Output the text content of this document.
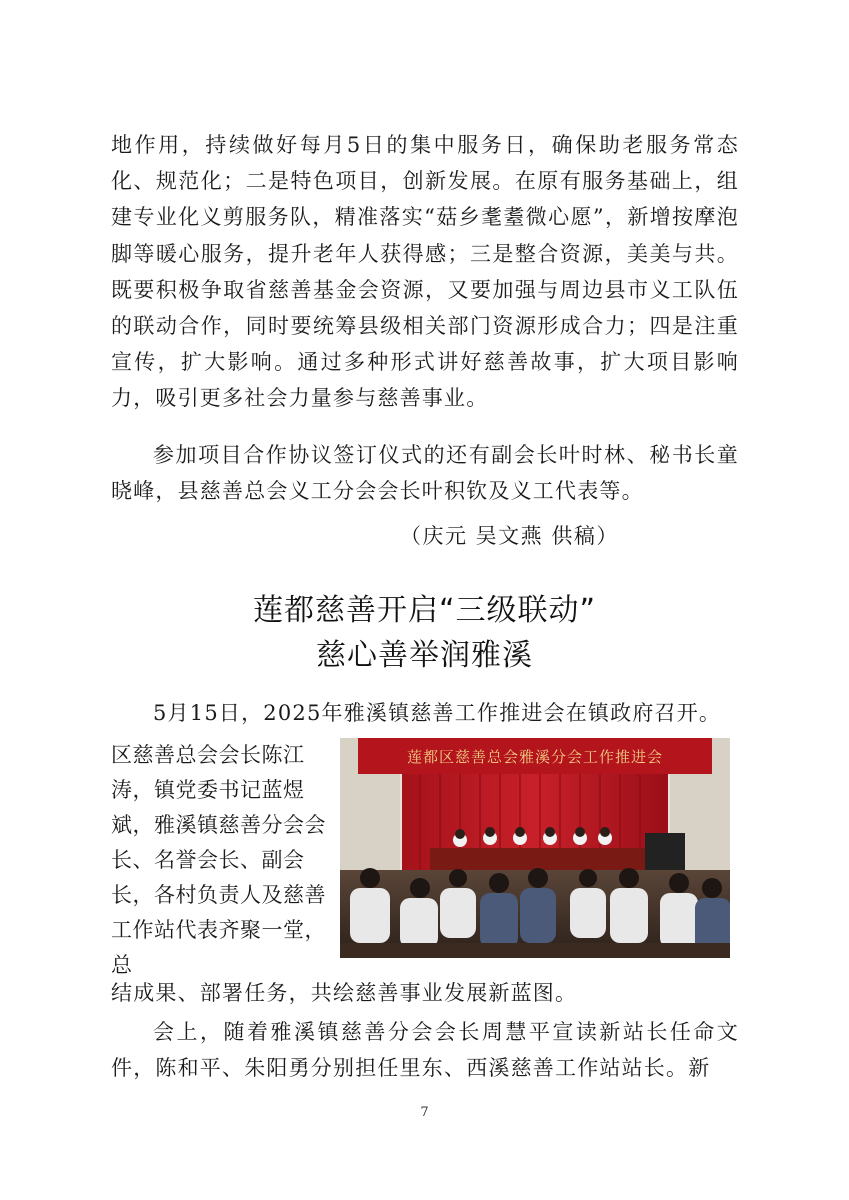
地作用，持续做好每月5日的集中服务日，确保助老服务常态化、规范化；二是特色项目，创新发展。在原有服务基础上，组建专业化义剪服务队，精准落实“菇乡耄耋微心愿”，新增按摩泡脚等暖心服务，提升老年人获得感；三是整合资源，美美与共。既要积极争取省慈善基金会资源，又要加强与周边县市义工队伍的联动合作，同时要统筹县级相关部门资源形成合力；四是注重宣传，扩大影响。通过多种形式讲好慈善故事，扩大项目影响力，吸引更多社会力量参与慈善事业。

参加项目合作协议签订仪式的还有副会长叶时林、秘书长童晓峰，县慈善总会义工分会会长叶积钦及义工代表等。

（庆元 吴文燕 供稿）
莲都慈善开启“三级联动”
慈心善举润雅溪

5月15日，2025年雅溪镇慈善工作推进会在镇政府召开。

区慈善总会会长陈江涛，镇党委书记蓝煜斌，雅溪镇慈善分会会长、名誉会长、副会长，各村负责人及慈善工作站代表齐聚一堂，总

莲都区慈善总会雅溪分会工作推进会

结成果、部署任务，共绘慈善事业发展新蓝图。

会上，随着雅溪镇慈善分会会长周慧平宣读新站长任命文件，陈和平、朱阳勇分别担任里东、西溪慈善工作站站长。新

7
